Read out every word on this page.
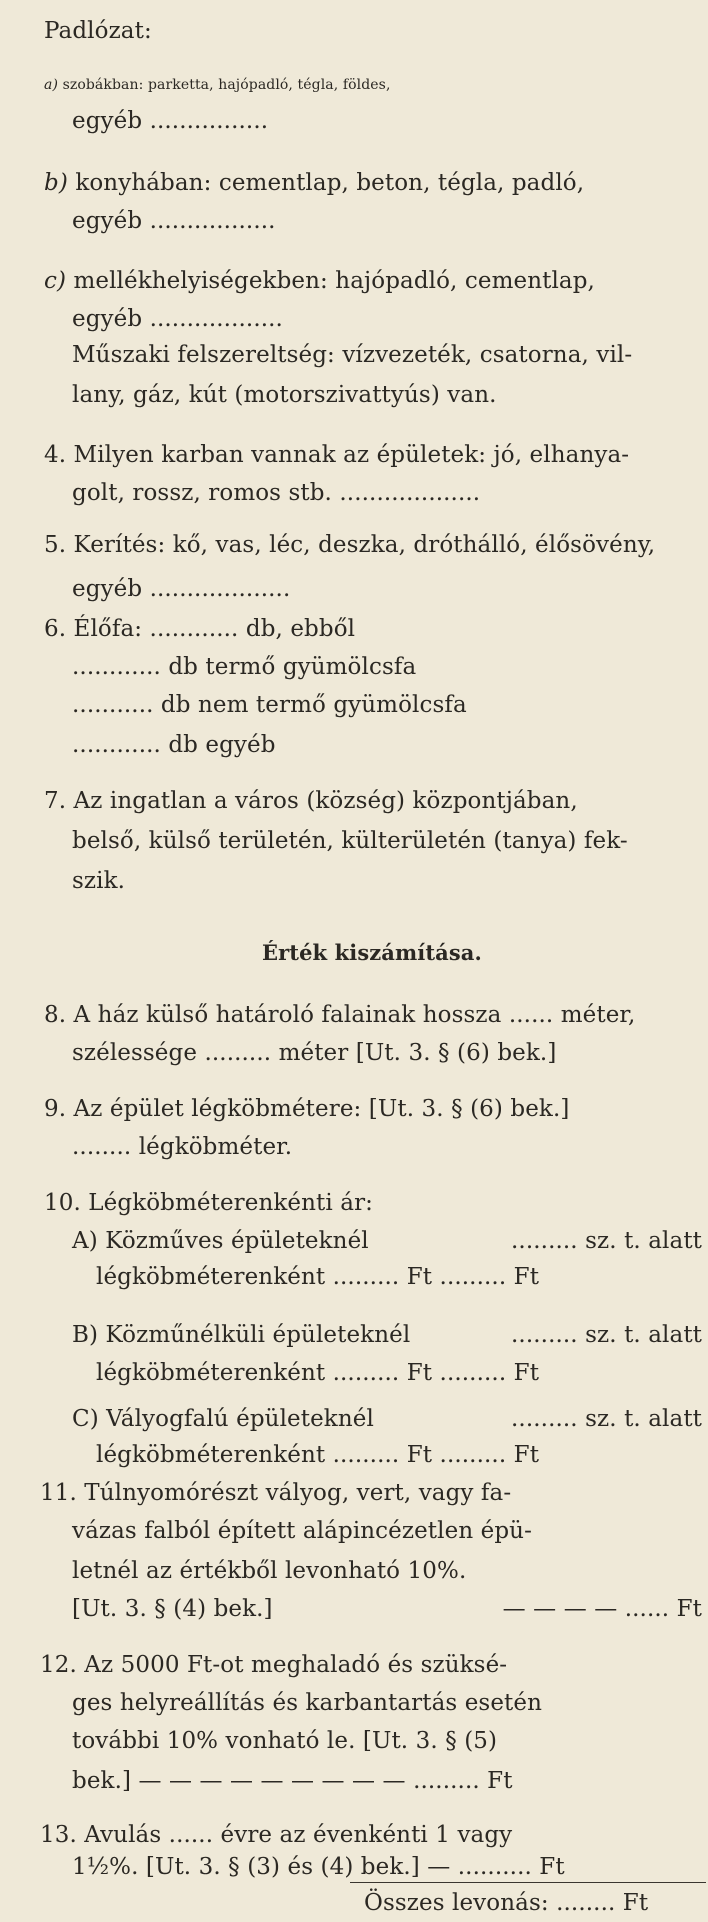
Padlózat:

a) szobákban: parketta, hajópadló, tégla, földes,

egyéb ................

b) konyhában: cementlap, beton, tégla, padló,

egyéb .................

c) mellékhelyiségekben: hajópadló, cementlap,

egyéb ..................

Műszaki felszereltség: vízvezeték, csatorna, vil-

lany, gáz, kút (motorszivattyús) van.

4. Milyen karban vannak az épületek: jó, elhanya-

golt, rossz, romos stb. ...................

5. Kerítés: kő, vas, léc, deszka, dróthálló, élősövény,

egyéb ...................

6. Élőfa: ............ db, ebből

............ db termő gyümölcsfa

........... db nem termő gyümölcsfa

............ db egyéb

7. Az ingatlan a város (község) központjában,

belső, külső területén, külterületén (tanya) fek-

szik.

Érték kiszámítása.

8. A ház külső határoló falainak hossza ...... méter,

szélessége ......... méter [Ut. 3. § (6) bek.]

9. Az épület légköbmétere: [Ut. 3. § (6) bek.]

........ légköbméter.

10. Légköbméterenkénti ár:

A) Közműves épületeknél	......... sz. t. alatt

légköbméterenként ......... Ft ......... Ft

B) Közműnélküli épületeknél	......... sz. t. alatt

légköbméterenként ......... Ft ......... Ft

C) Vályogfalú épületeknél	......... sz. t. alatt

légköbméterenként ......... Ft ......... Ft

11. Túlnyomórészt vályog, vert, vagy fa-

vázas falból épített alápincézetlen épü-

letnél az értékből levonható 10%.

[Ut. 3. § (4) bek.]	— — — — ...... Ft

12. Az 5000 Ft-ot meghaladó és szüksé-

ges helyreállítás és karbantartás esetén

további 10% vonható le. [Ut. 3. § (5)

bek.] — — — — — — — — — ......... Ft

13. Avulás ...... évre az évenkénti 1 vagy

1½%. [Ut. 3. § (3) és (4) bek.] — .......... Ft

Összes levonás: ........ Ft
